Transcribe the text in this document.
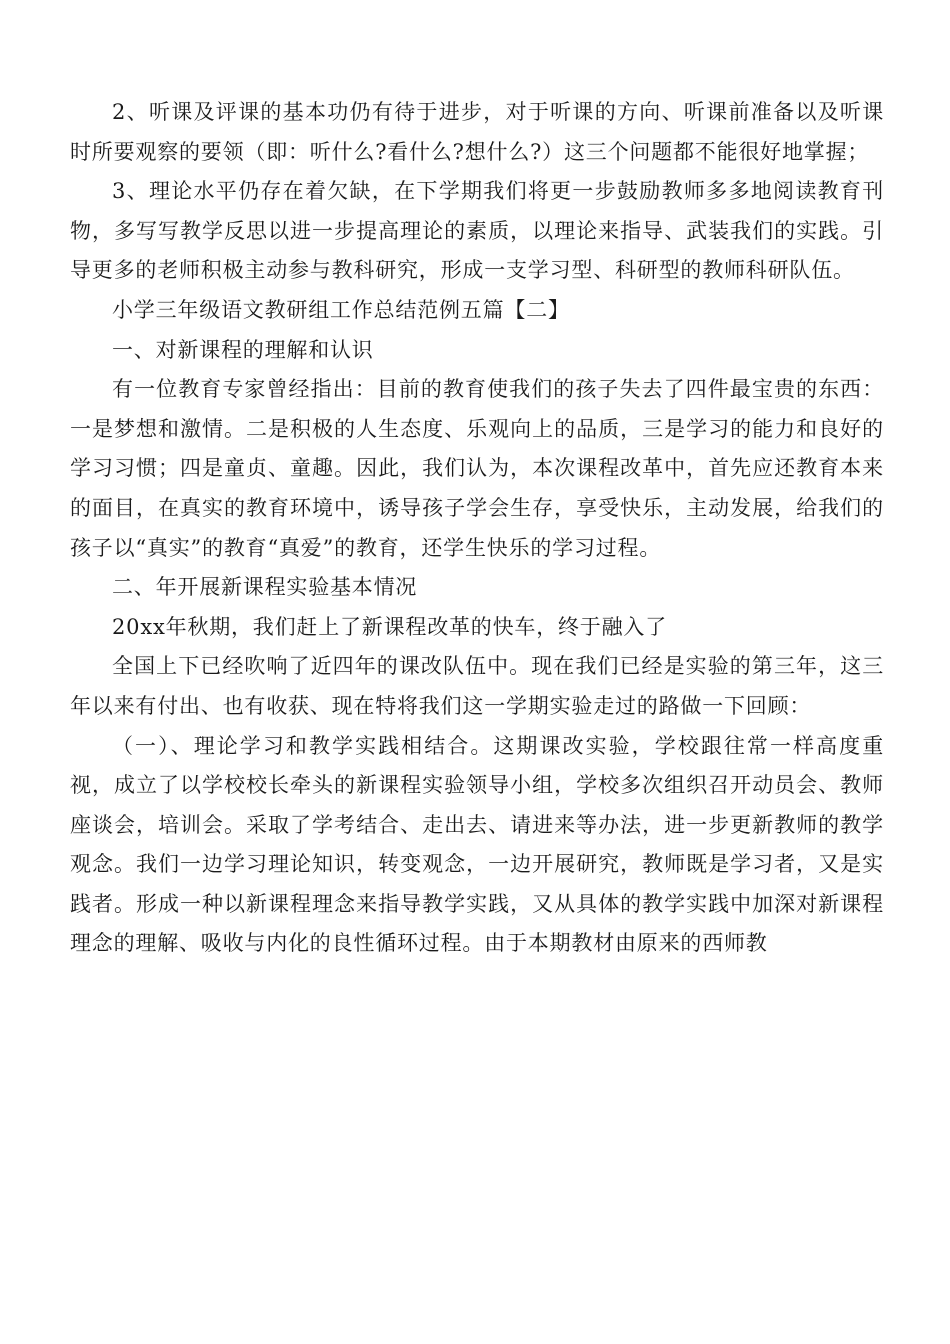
2、听课及评课的基本功仍有待于进步，对于听课的方向、听课前准备以及听课时所要观察的要领（即：听什么?看什么?想什么?）这三个问题都不能很好地掌握；

3、理论水平仍存在着欠缺，在下学期我们将更一步鼓励教师多多地阅读教育刊物，多写写教学反思以进一步提高理论的素质，以理论来指导、武装我们的实践。引导更多的老师积极主动参与教科研究，形成一支学习型、科研型的教师科研队伍。

小学三年级语文教研组工作总结范例五篇【二】

一、对新课程的理解和认识

有一位教育专家曾经指出：目前的教育使我们的孩子失去了四件最宝贵的东西：一是梦想和激情。二是积极的人生态度、乐观向上的品质，三是学习的能力和良好的学习习惯；四是童贞、童趣。因此，我们认为，本次课程改革中，首先应还教育本来的面目，在真实的教育环境中，诱导孩子学会生存，享受快乐，主动发展，给我们的孩子以“真实”的教育“真爱”的教育，还学生快乐的学习过程。

二、年开展新课程实验基本情况

20xx年秋期，我们赶上了新课程改革的快车，终于融入了

全国上下已经吹响了近四年的课改队伍中。现在我们已经是实验的第三年，这三年以来有付出、也有收获、现在特将我们这一学期实验走过的路做一下回顾：

（一）、理论学习和教学实践相结合。这期课改实验，学校跟往常一样高度重视，成立了以学校校长牵头的新课程实验领导小组，学校多次组织召开动员会、教师座谈会，培训会。采取了学考结合、走出去、请进来等办法，进一步更新教师的教学观念。我们一边学习理论知识，转变观念，一边开展研究，教师既是学习者，又是实践者。形成一种以新课程理念来指导教学实践，又从具体的教学实践中加深对新课程理念的理解、吸收与内化的良性循环过程。由于本期教材由原来的西师教
